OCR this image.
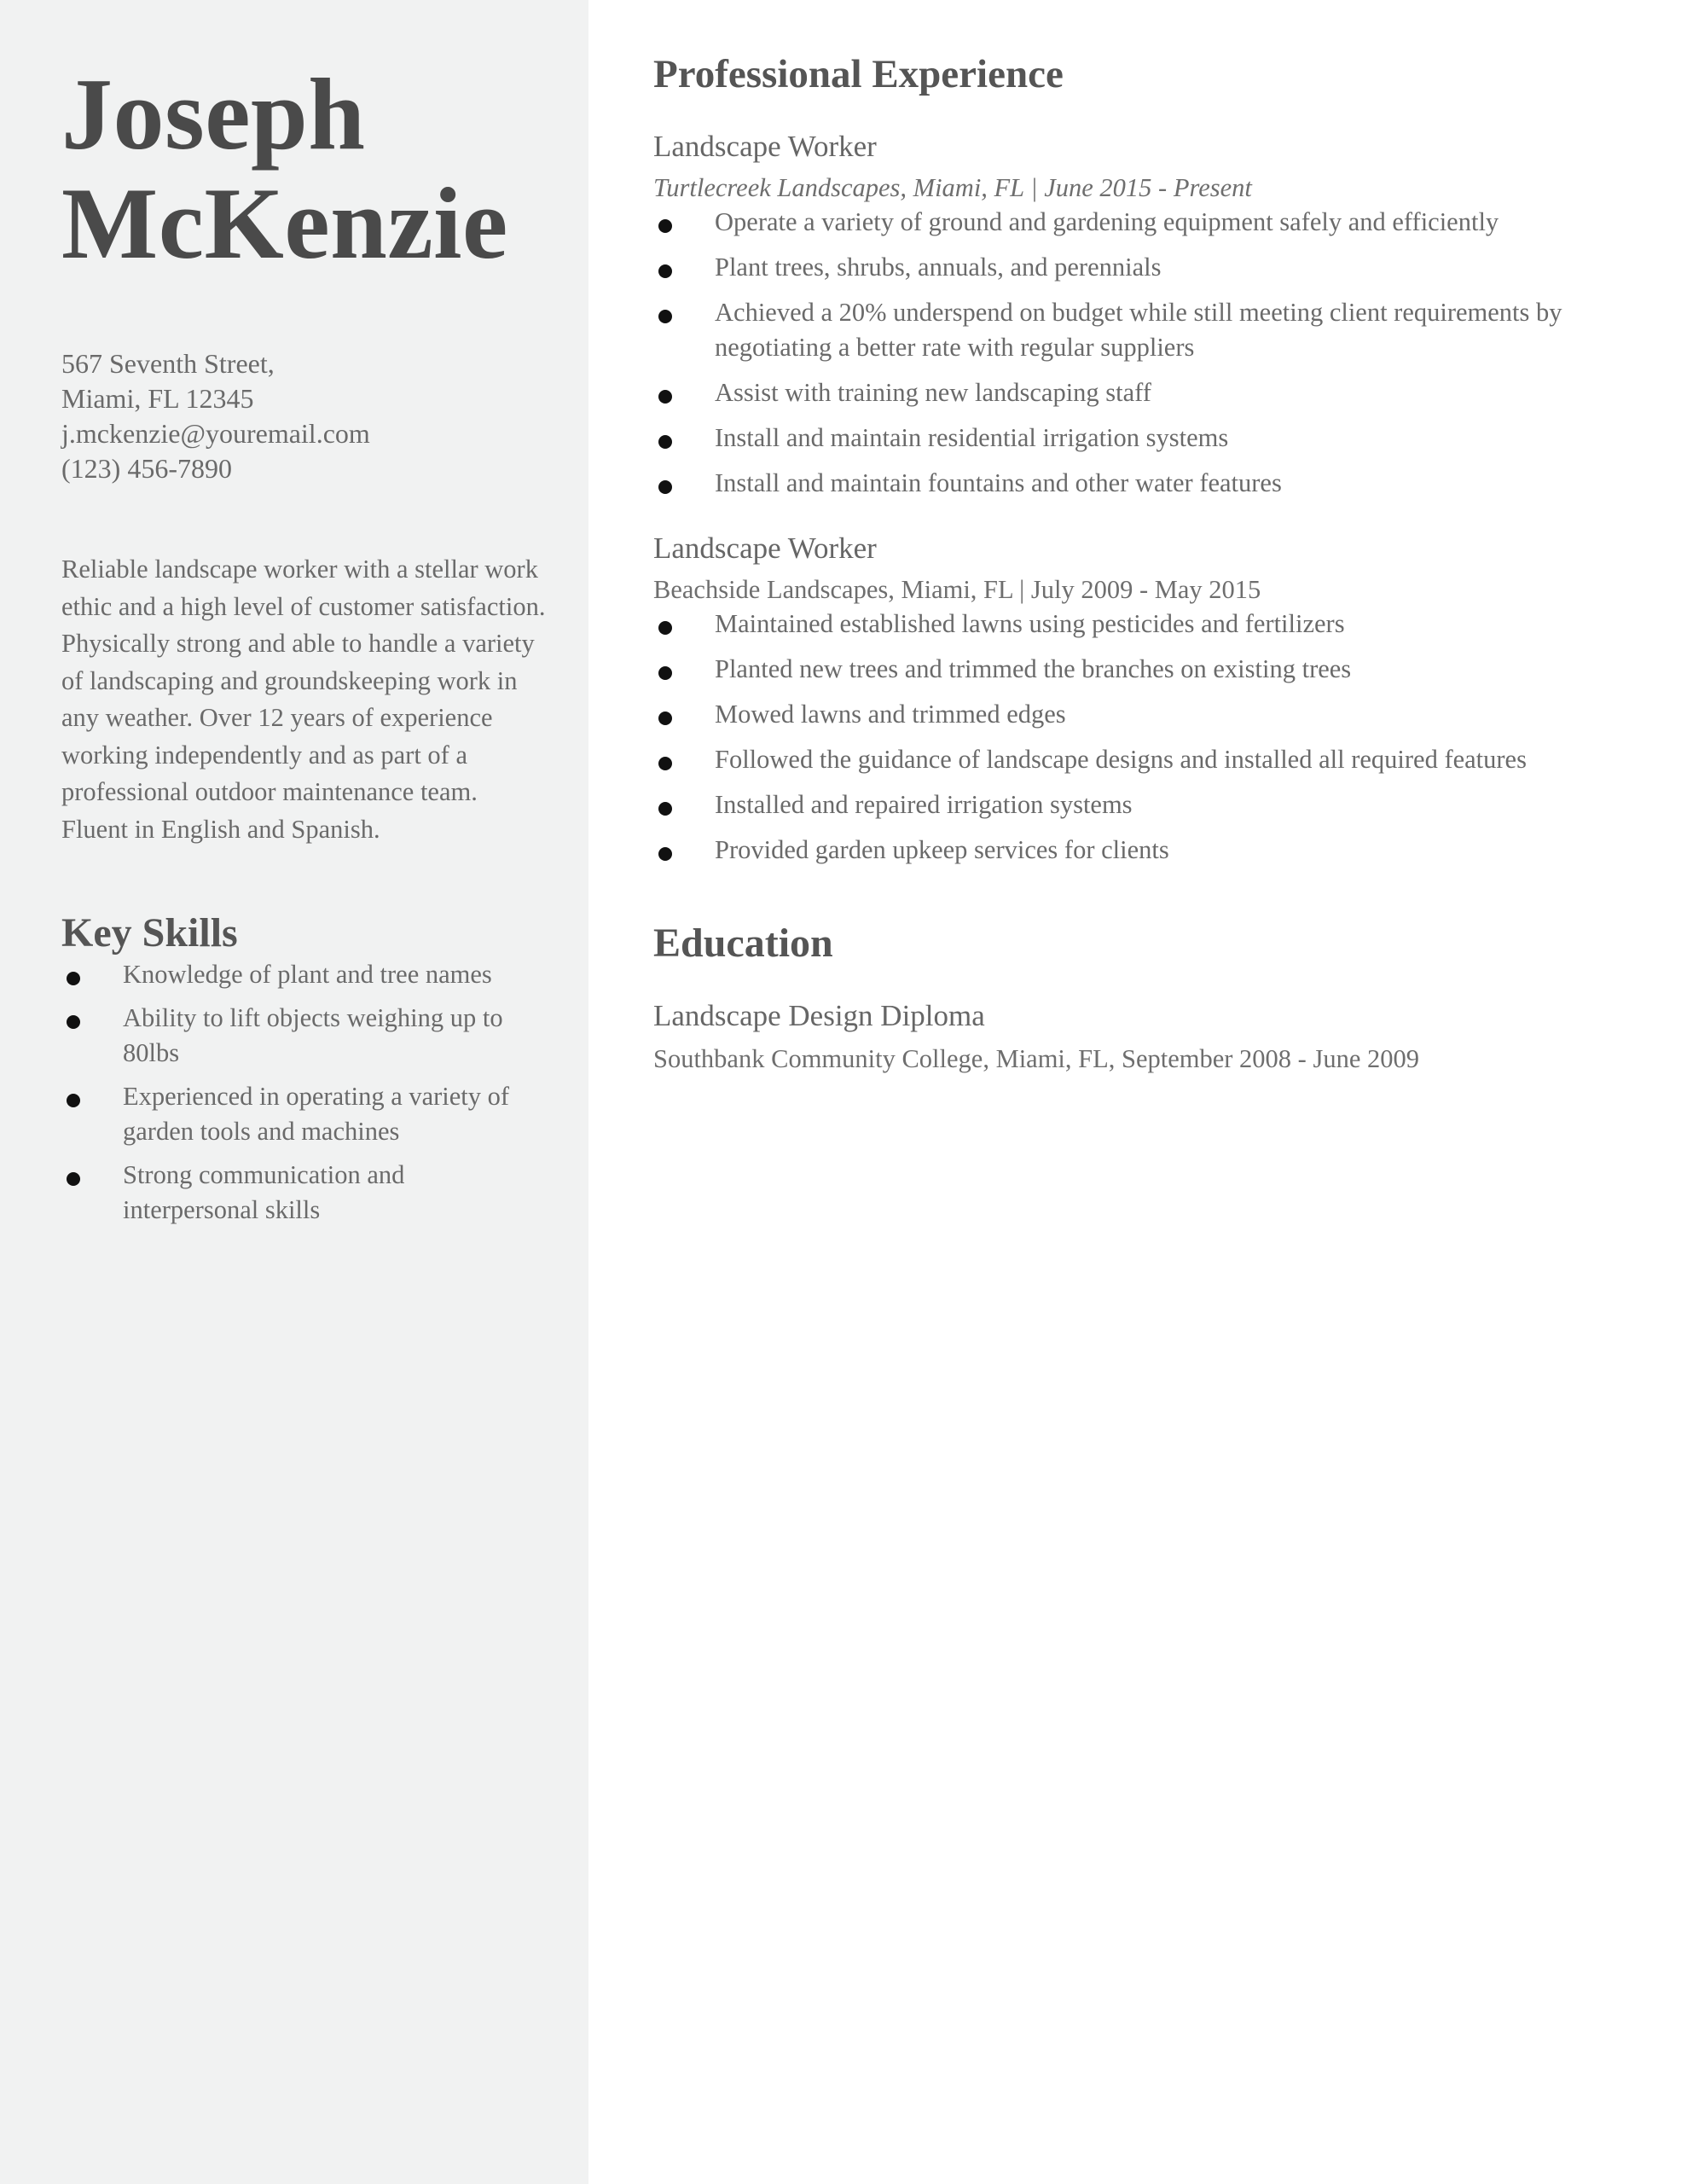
Joseph
McKenzie
567 Seventh Street,
Miami, FL 12345
j.mckenzie@youremail.com
(123) 456-7890

Reliable landscape worker with a stellar work ethic and a high level of customer satisfaction. Physically strong and able to handle a variety of landscaping and groundskeeping work in any weather. Over 12 years of experience working independently and as part of a professional outdoor maintenance team. Fluent in English and Spanish.

Key Skills
Knowledge of plant and tree names
Ability to lift objects weighing up to 80lbs
Experienced in operating a variety of garden tools and machines
Strong communication and interpersonal skills
Professional Experience
Landscape Worker
Turtlecreek Landscapes, Miami, FL | June 2015 - Present
Operate a variety of ground and gardening equipment safely and efficiently
Plant trees, shrubs, annuals, and perennials
Achieved a 20% underspend on budget while still meeting client requirements by negotiating a better rate with regular suppliers
Assist with training new landscaping staff
Install and maintain residential irrigation systems
Install and maintain fountains and other water features
Landscape Worker
Beachside Landscapes, Miami, FL | July 2009 - May 2015
Maintained established lawns using pesticides and fertilizers
Planted new trees and trimmed the branches on existing trees
Mowed lawns and trimmed edges
Followed the guidance of landscape designs and installed all required features
Installed and repaired irrigation systems
Provided garden upkeep services for clients
Education
Landscape Design Diploma
Southbank Community College, Miami, FL, September 2008 - June 2009
